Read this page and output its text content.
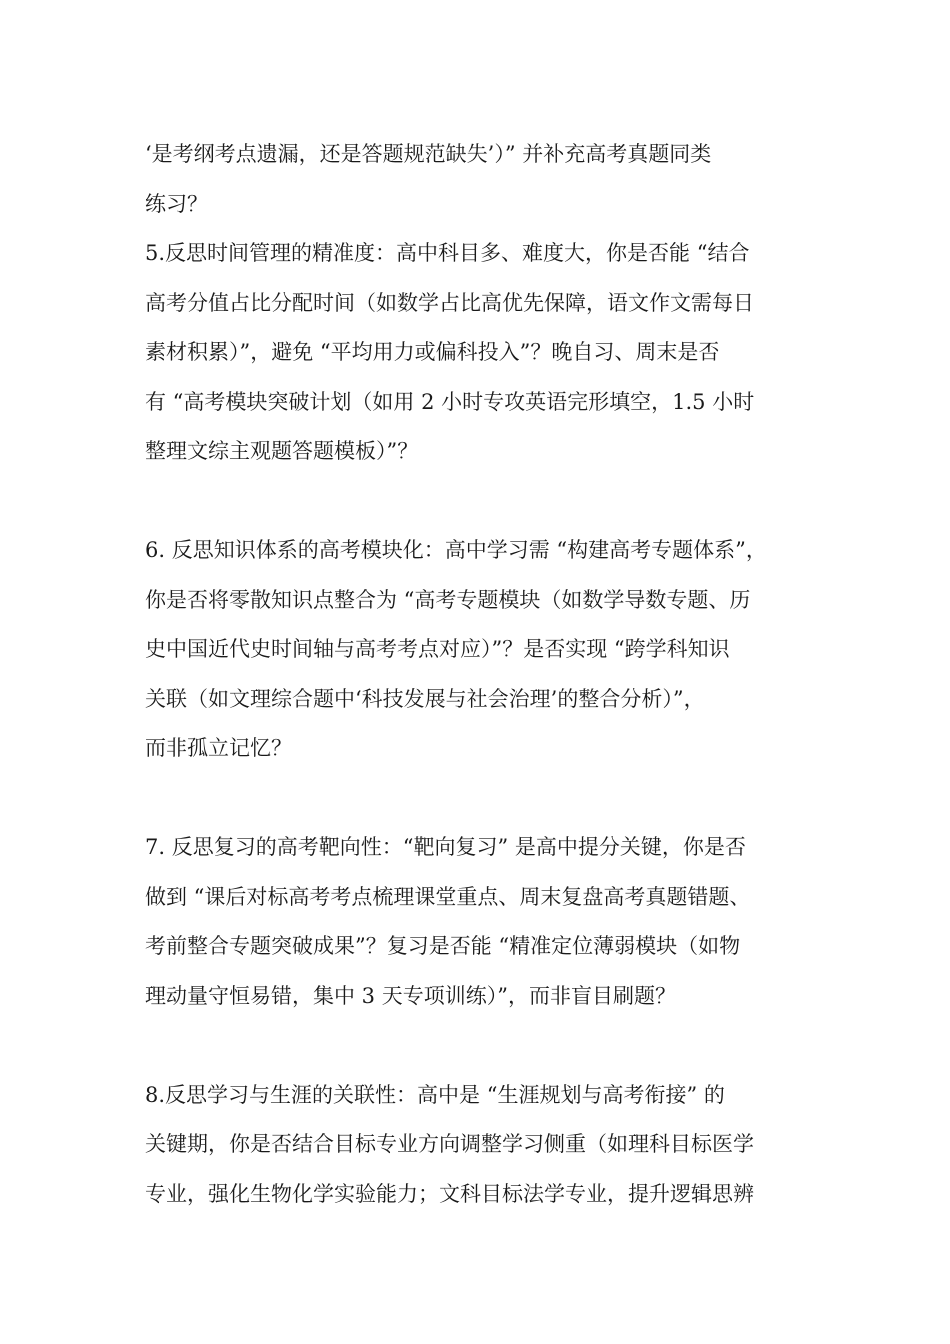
‘是考纲考点遗漏，还是答题规范缺失’）” 并补充高考真题同类
练习？
5.反思时间管理的精准度：高中科目多、难度大，你是否能 “结合
高考分值占比分配时间（如数学占比高优先保障，语文作文需每日
素材积累）”，避免 “平均用力或偏科投入”？晚自习、周末是否
有 “高考模块突破计划（如用 2 小时专攻英语完形填空，1.5 小时
整理文综主观题答题模板）”？
6. 反思知识体系的高考模块化：高中学习需 “构建高考专题体系”，
你是否将零散知识点整合为 “高考专题模块（如数学导数专题、历
史中国近代史时间轴与高考考点对应）”？是否实现 “跨学科知识
关联（如文理综合题中‘科技发展与社会治理’的整合分析）”，
而非孤立记忆？
7. 反思复习的高考靶向性：“靶向复习” 是高中提分关键，你是否
做到 “课后对标高考考点梳理课堂重点、周末复盘高考真题错题、
考前整合专题突破成果”？复习是否能 “精准定位薄弱模块（如物
理动量守恒易错，集中 3 天专项训练）”，而非盲目刷题？
8.反思学习与生涯的关联性：高中是 “生涯规划与高考衔接” 的
关键期，你是否结合目标专业方向调整学习侧重（如理科目标医学
专业，强化生物化学实验能力；文科目标法学专业，提升逻辑思辨
